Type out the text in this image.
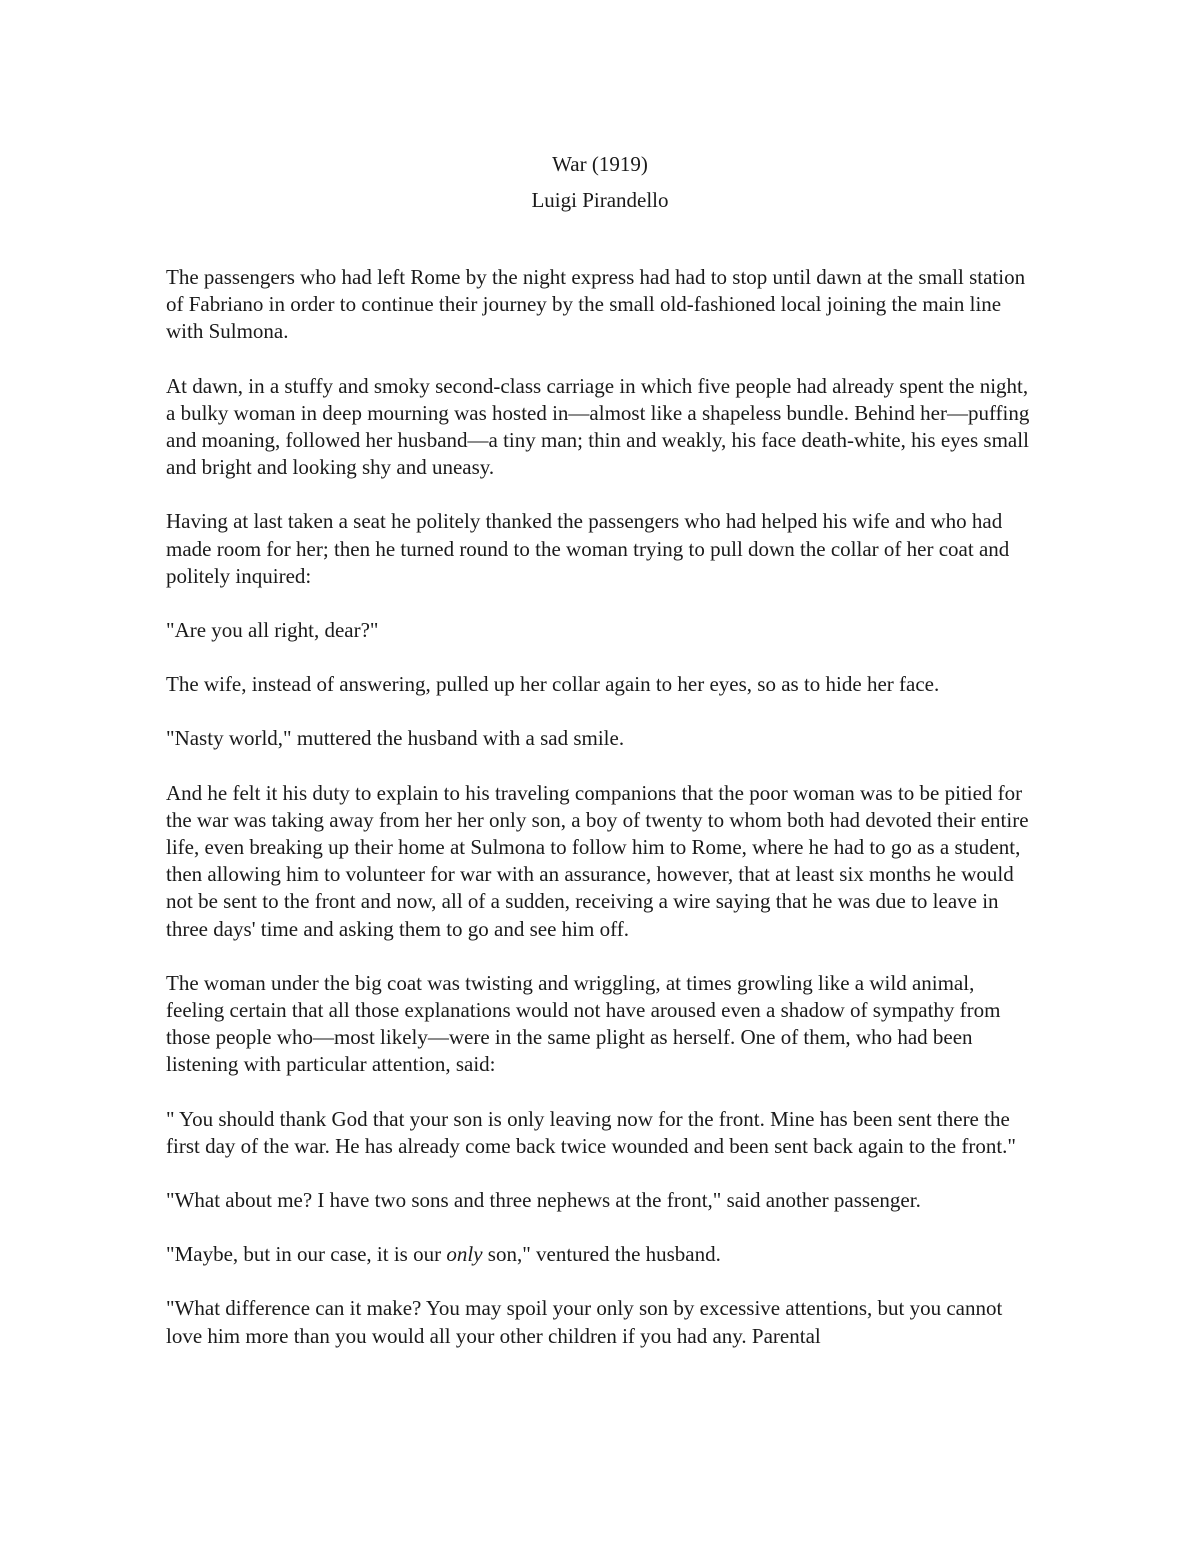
War (1919)
Luigi Pirandello

The passengers who had left Rome by the night express had had to stop until dawn at the small station of Fabriano in order to continue their journey by the small old-fashioned local joining the main line with Sulmona.

At dawn, in a stuffy and smoky second-class carriage in which five people had already spent the night, a bulky woman in deep mourning was hosted in—almost like a shapeless bundle. Behind her—puffing and moaning, followed her husband—a tiny man; thin and weakly, his face death-white, his eyes small and bright and looking shy and uneasy.

Having at last taken a seat he politely thanked the passengers who had helped his wife and who had made room for her; then he turned round to the woman trying to pull down the collar of her coat and politely inquired:

"Are you all right, dear?"

The wife, instead of answering, pulled up her collar again to her eyes, so as to hide her face.

"Nasty world," muttered the husband with a sad smile.

And he felt it his duty to explain to his traveling companions that the poor woman was to be pitied for the war was taking away from her her only son, a boy of twenty to whom both had devoted their entire life, even breaking up their home at Sulmona to follow him to Rome, where he had to go as a student, then allowing him to volunteer for war with an assurance, however, that at least six months he would not be sent to the front and now, all of a sudden, receiving a wire saying that he was due to leave in three days' time and asking them to go and see him off.

The woman under the big coat was twisting and wriggling, at times growling like a wild animal, feeling certain that all those explanations would not have aroused even a shadow of sympathy from those people who—most likely—were in the same plight as herself. One of them, who had been listening with particular attention, said:

" You should thank God that your son is only leaving now for the front. Mine has been sent there the first day of the war. He has already come back twice wounded and been sent back again to the front."

"What about me? I have two sons and three nephews at the front," said another passenger.

"Maybe, but in our case, it is our only son," ventured the husband.

"What difference can it make? You may spoil your only son by excessive attentions, but you cannot love him more than you would all your other children if you had any. Parental
